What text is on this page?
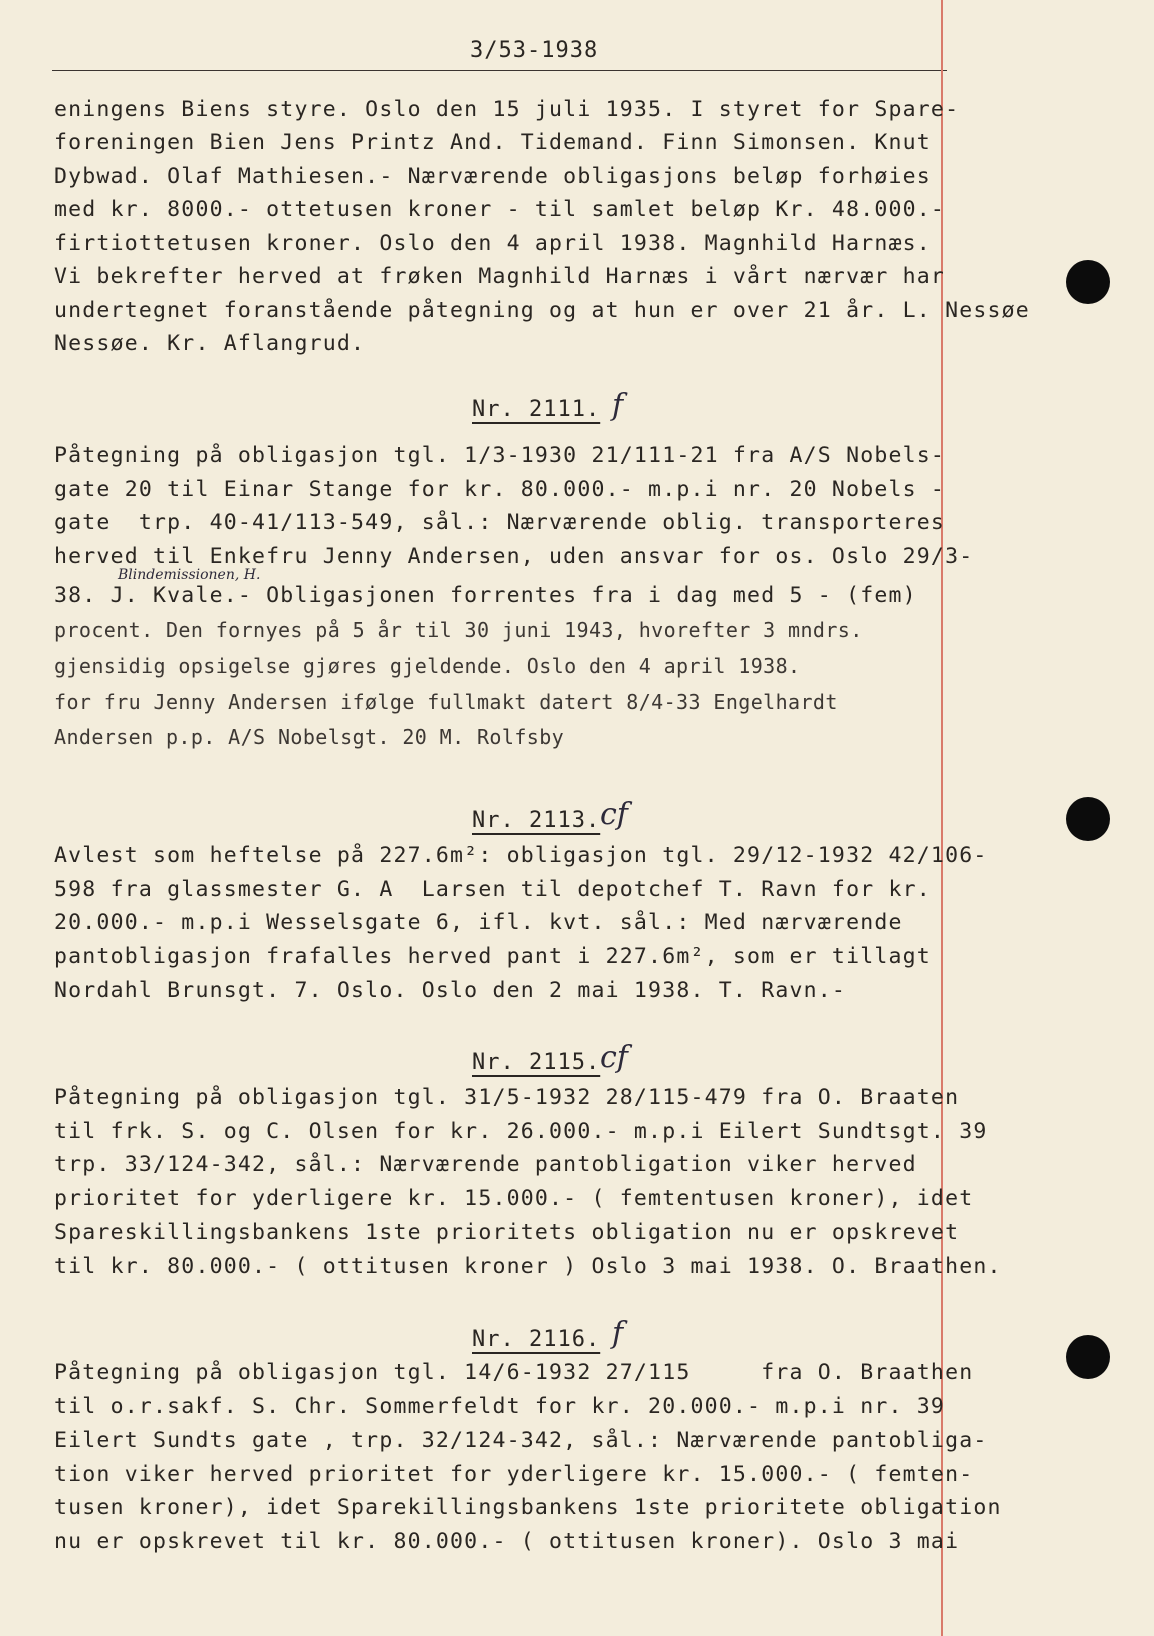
3/53-1938

eningens Biens styre. Oslo den 15 juli 1935. I styret for Spare-

foreningen Bien Jens Printz And. Tidemand. Finn Simonsen. Knut

Dybwad. Olaf Mathiesen.- Nærværende obligasjons beløp forhøies

med kr. 8000.- ottetusen kroner - til samlet beløp Kr. 48.000.-

firtiottetusen kroner. Oslo den 4 april 1938. Magnhild Harnæs.

Vi bekrefter herved at frøken Magnhild Harnæs i vårt nærvær har

undertegnet foranstående påtegning og at hun er over 21 år. L. Nessøe

Nessøe. Kr. Aflangrud.

Nr. 2111. f

Påtegning på obligasjon tgl. 1/3-1930 21/111-21 fra A/S Nobels-

gate 20 til Einar Stange for kr. 80.000.- m.p.i nr. 20 Nobels -

gate  trp. 40-41/113-549, sål.: Nærværende oblig. transporteres

herved til Enkefru Jenny Andersen, uden ansvar for os. Oslo 29/3-

Blindemissionen, H.

38. J. Kvale.- Obligasjonen forrentes fra i dag med 5 - (fem)

procent. Den fornyes på 5 år til 30 juni 1943, hvorefter 3 mndrs.

gjensidig opsigelse gjøres gjeldende. Oslo den 4 april 1938.

for fru Jenny Andersen ifølge fullmakt datert 8/4-33 Engelhardt

Andersen p.p. A/S Nobelsgt. 20 M. Rolfsby

Nr. 2113. cf

Avlest som heftelse på 227.6m²: obligasjon tgl. 29/12-1932 42/106-

598 fra glassmester G. A  Larsen til depotchef T. Ravn for kr.

20.000.- m.p.i Wesselsgate 6, ifl. kvt. sål.: Med nærværende

pantobligasjon frafalles herved pant i 227.6m², som er tillagt

Nordahl Brunsgt. 7. Oslo. Oslo den 2 mai 1938. T. Ravn.-

Nr. 2115. cf

Påtegning på obligasjon tgl. 31/5-1932 28/115-479 fra O. Braaten

til frk. S. og C. Olsen for kr. 26.000.- m.p.i Eilert Sundtsgt. 39

trp. 33/124-342, sål.: Nærværende pantobligation viker herved

prioritet for yderligere kr. 15.000.- ( femtentusen kroner), idet

Spareskillingsbankens 1ste prioritets obligation nu er opskrevet

til kr. 80.000.- ( ottitusen kroner ) Oslo 3 mai 1938. O. Braathen.

Nr. 2116. f

Påtegning på obligasjon tgl. 14/6-1932 27/115     fra O. Braathen

til o.r.sakf. S. Chr. Sommerfeldt for kr. 20.000.- m.p.i nr. 39

Eilert Sundts gate , trp. 32/124-342, sål.: Nærværende pantobliga-

tion viker herved prioritet for yderligere kr. 15.000.- ( femten-

tusen kroner), idet Sparekillingsbankens 1ste prioritete obligation

nu er opskrevet til kr. 80.000.- ( ottitusen kroner). Oslo 3 mai
